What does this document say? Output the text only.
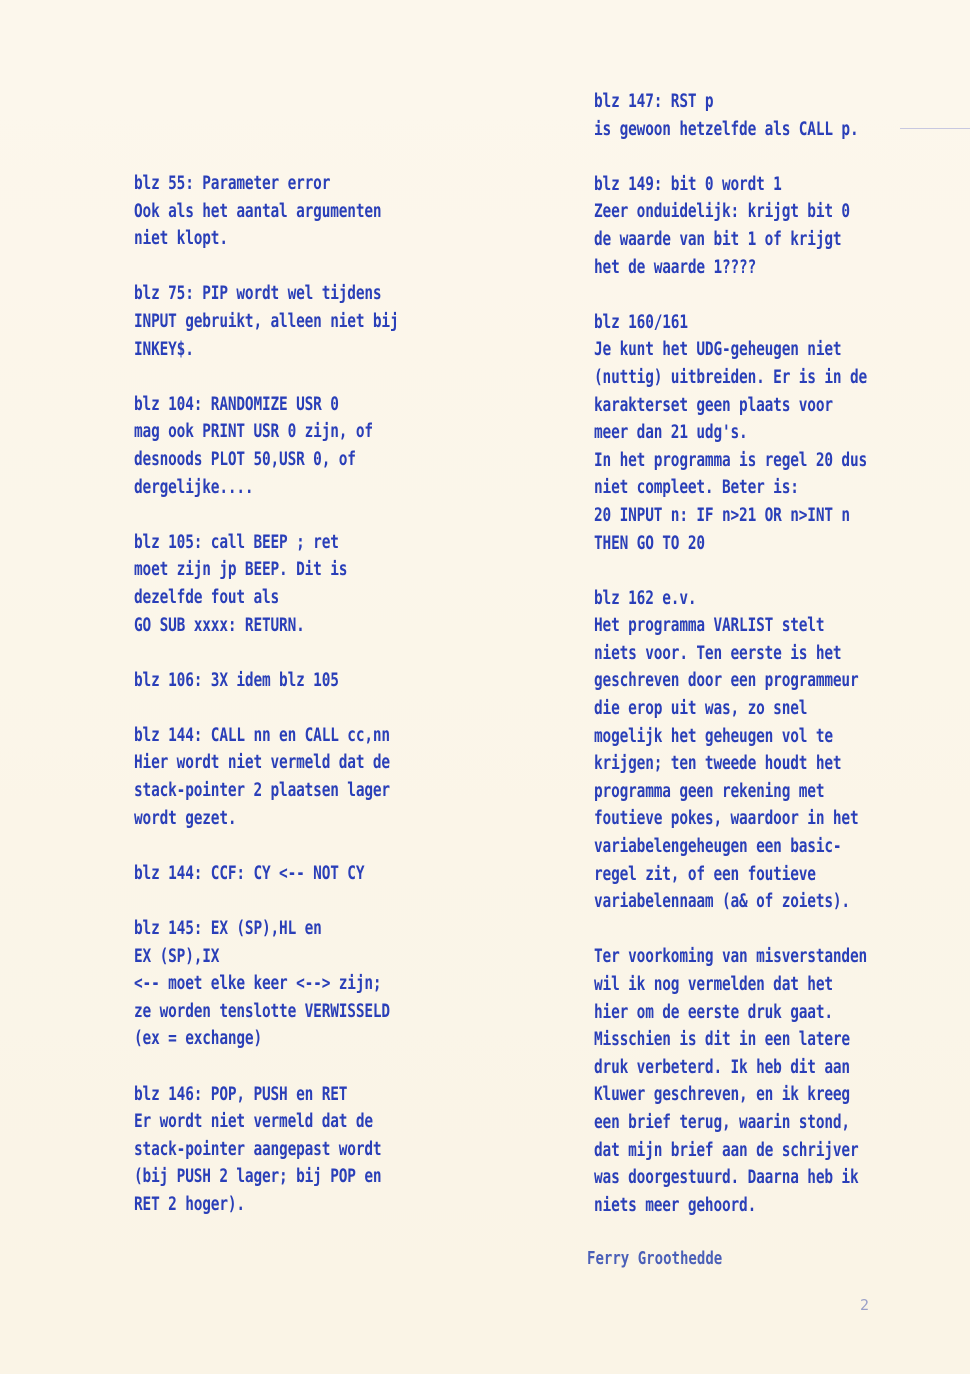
blz 55: Parameter error
Ook als het aantal argumenten
niet klopt.

blz 75: PIP wordt wel tijdens
INPUT gebruikt, alleen niet bij
INKEY$.

blz 104: RANDOMIZE USR 0
mag ook PRINT USR 0 zijn, of
desnoods PLOT 50,USR 0, of
dergelijke....

blz 105: call BEEP ; ret
moet zijn jp BEEP. Dit is
dezelfde fout als
GO SUB xxxx: RETURN.

blz 106: 3X idem blz 105

blz 144: CALL nn en CALL cc,nn
Hier wordt niet vermeld dat de
stack-pointer 2 plaatsen lager
wordt gezet.

blz 144: CCF: CY <-- NOT CY

blz 145: EX (SP),HL en
EX (SP),IX
<-- moet elke keer <--> zijn;
ze worden tenslotte VERWISSELD
(ex = exchange)

blz 146: POP, PUSH en RET
Er wordt niet vermeld dat de
stack-pointer aangepast wordt
(bij PUSH 2 lager; bij POP en
RET 2 hoger).

blz 147: RST p
is gewoon hetzelfde als CALL p.

blz 149: bit 0 wordt 1
Zeer onduidelijk: krijgt bit 0
de waarde van bit 1 of krijgt
het de waarde 1????

blz 160/161
Je kunt het UDG-geheugen niet
(nuttig) uitbreiden. Er is in de
karakterset geen plaats voor
meer dan 21 udg's.
In het programma is regel 20 dus
niet compleet. Beter is:
20 INPUT n: IF n>21 OR n>INT n
THEN GO TO 20

blz 162 e.v.
Het programma VARLIST stelt
niets voor. Ten eerste is het
geschreven door een programmeur
die erop uit was, zo snel
mogelijk het geheugen vol te
krijgen; ten tweede houdt het
programma geen rekening met
foutieve pokes, waardoor in het
variabelengeheugen een basic-
regel zit, of een foutieve
variabelennaam (a& of zoiets).

Ter voorkoming van misverstanden
wil ik nog vermelden dat het
hier om de eerste druk gaat.
Misschien is dit in een latere
druk verbeterd. Ik heb dit aan
Kluwer geschreven, en ik kreeg
een brief terug, waarin stond,
dat mijn brief aan de schrijver
was doorgestuurd. Daarna heb ik
niets meer gehoord.

Ferry Groothedde
2
